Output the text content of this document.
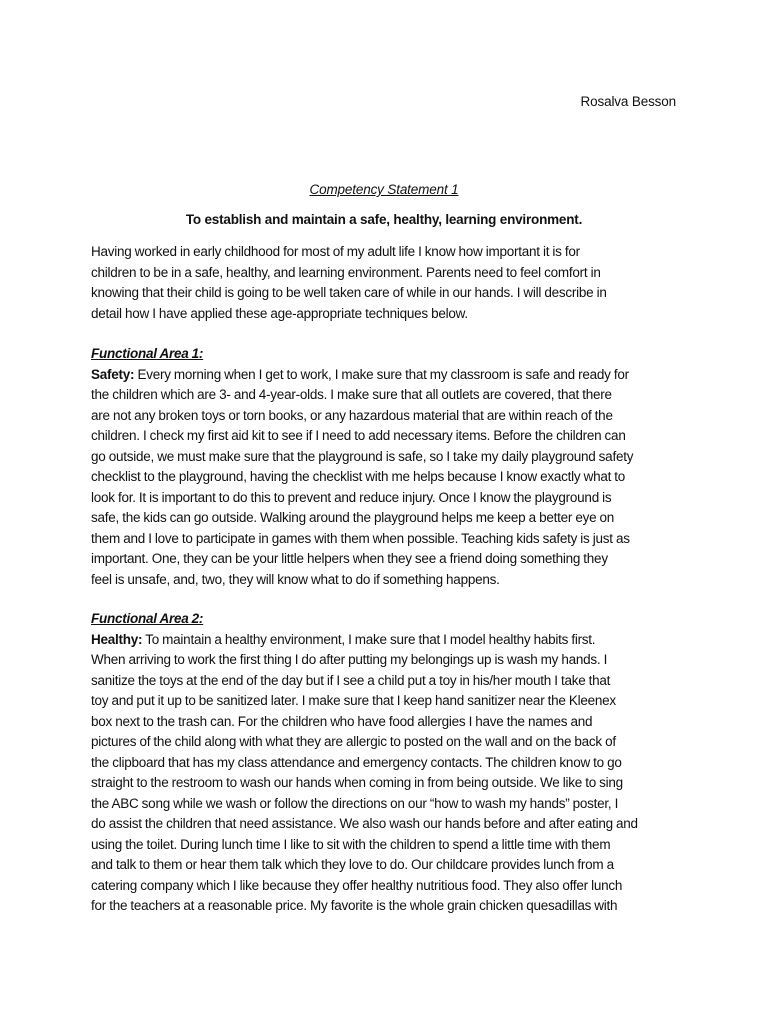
Rosalva Besson
Competency Statement 1
To establish and maintain a safe, healthy, learning environment.
Having worked in early childhood for most of my adult life I know how important it is for
children to be in a safe, healthy, and learning environment. Parents need to feel comfort in
knowing that their child is going to be well taken care of while in our hands. I will describe in
detail how I have applied these age-appropriate techniques below.
Functional Area 1:
Safety: Every morning when I get to work, I make sure that my classroom is safe and ready for
the children which are 3- and 4-year-olds. I make sure that all outlets are covered, that there
are not any broken toys or torn books, or any hazardous material that are within reach of the
children. I check my first aid kit to see if I need to add necessary items. Before the children can
go outside, we must make sure that the playground is safe, so I take my daily playground safety
checklist to the playground, having the checklist with me helps because I know exactly what to
look for. It is important to do this to prevent and reduce injury. Once I know the playground is
safe, the kids can go outside. Walking around the playground helps me keep a better eye on
them and I love to participate in games with them when possible. Teaching kids safety is just as
important. One, they can be your little helpers when they see a friend doing something they
feel is unsafe, and, two, they will know what to do if something happens.
Functional Area 2:
Healthy: To maintain a healthy environment, I make sure that I model healthy habits first.
When arriving to work the first thing I do after putting my belongings up is wash my hands. I
sanitize the toys at the end of the day but if I see a child put a toy in his/her mouth I take that
toy and put it up to be sanitized later. I make sure that I keep hand sanitizer near the Kleenex
box next to the trash can. For the children who have food allergies I have the names and
pictures of the child along with what they are allergic to posted on the wall and on the back of
the clipboard that has my class attendance and emergency contacts. The children know to go
straight to the restroom to wash our hands when coming in from being outside. We like to sing
the ABC song while we wash or follow the directions on our “how to wash my hands” poster, I
do assist the children that need assistance. We also wash our hands before and after eating and
using the toilet. During lunch time I like to sit with the children to spend a little time with them
and talk to them or hear them talk which they love to do. Our childcare provides lunch from a
catering company which I like because they offer healthy nutritious food. They also offer lunch
for the teachers at a reasonable price. My favorite is the whole grain chicken quesadillas with
